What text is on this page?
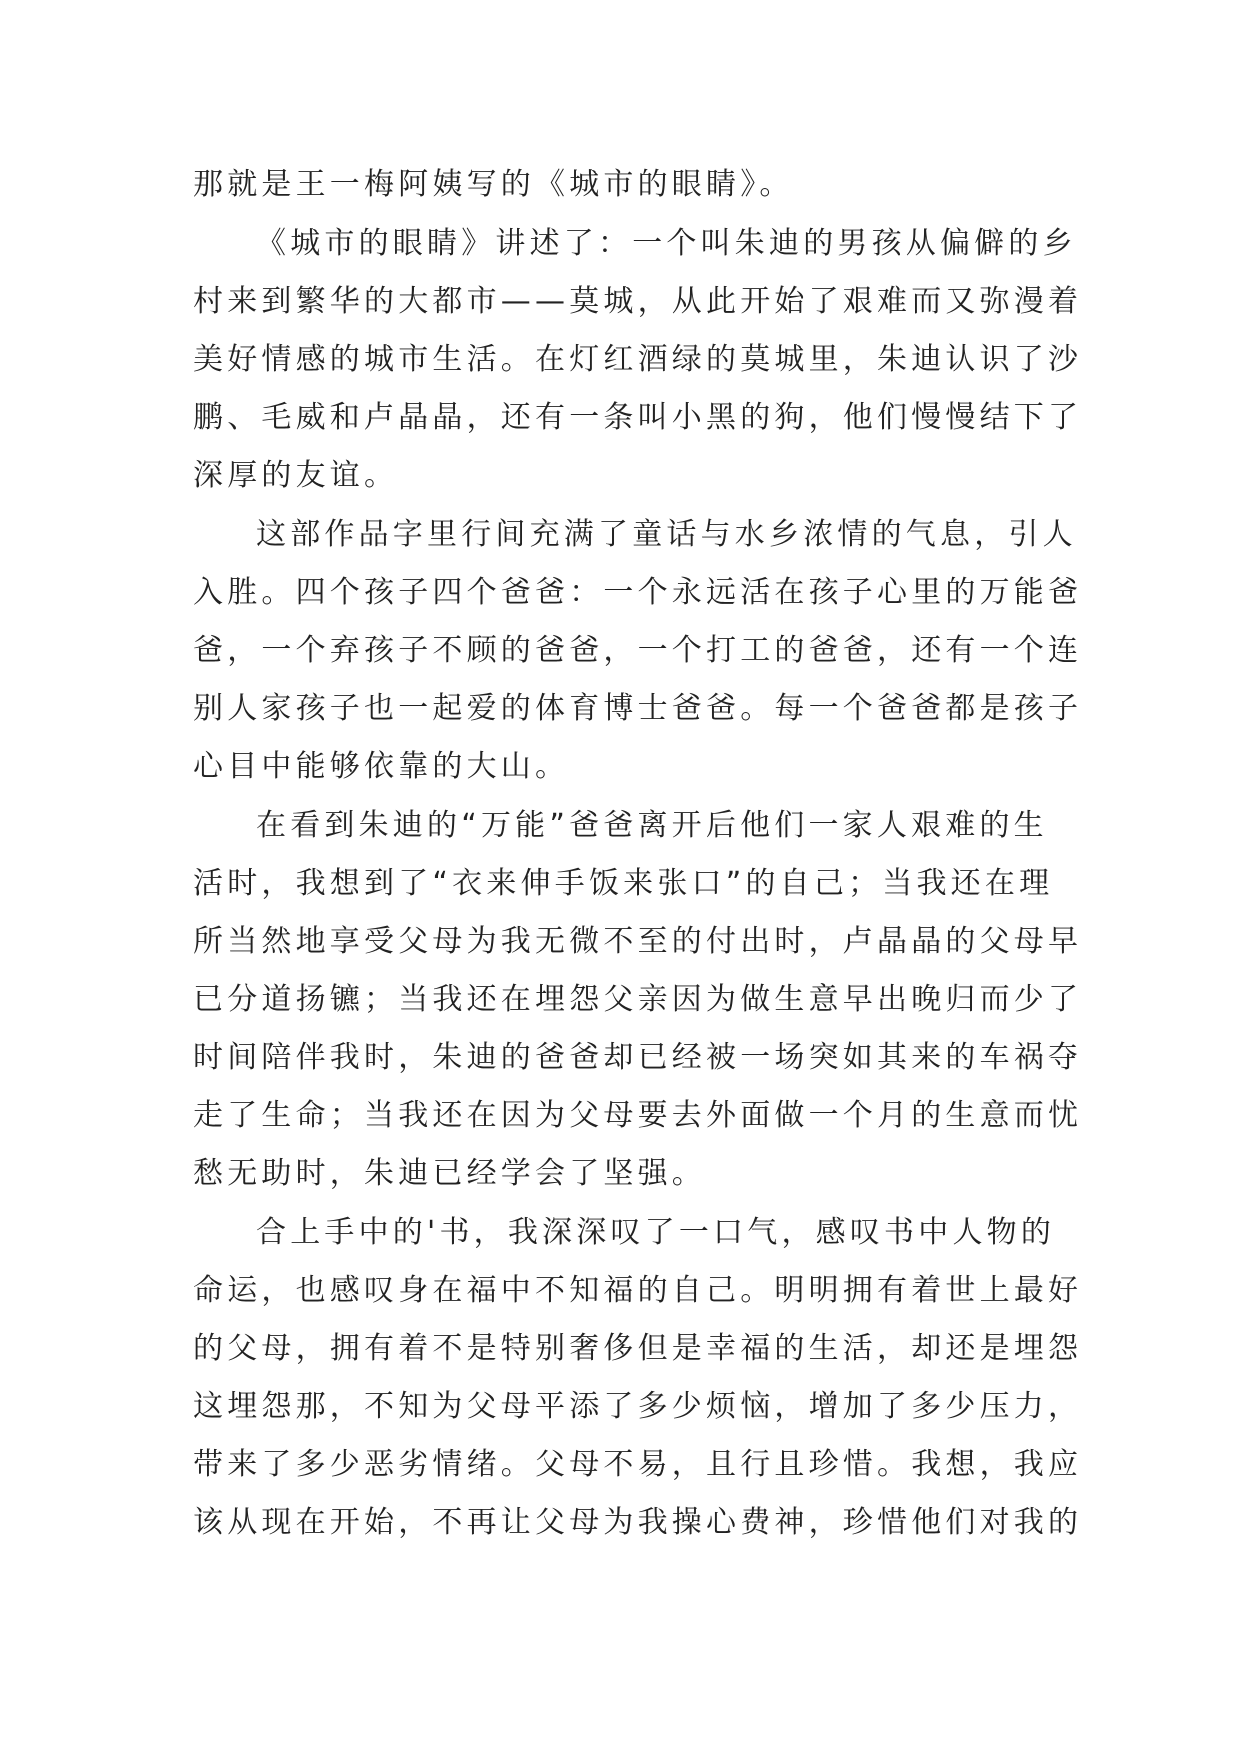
那就是王一梅阿姨写的《城市的眼睛》。
《城市的眼睛》讲述了：一个叫朱迪的男孩从偏僻的乡
村来到繁华的大都市——莫城，从此开始了艰难而又弥漫着
美好情感的城市生活。在灯红酒绿的莫城里，朱迪认识了沙
鹏、毛威和卢晶晶，还有一条叫小黑的狗，他们慢慢结下了
深厚的友谊。
这部作品字里行间充满了童话与水乡浓情的气息，引人
入胜。四个孩子四个爸爸：一个永远活在孩子心里的万能爸
爸，一个弃孩子不顾的爸爸，一个打工的爸爸，还有一个连
别人家孩子也一起爱的体育博士爸爸。每一个爸爸都是孩子
心目中能够依靠的大山。
在看到朱迪的“万能”爸爸离开后他们一家人艰难的生
活时，我想到了“衣来伸手饭来张口”的自己；当我还在理
所当然地享受父母为我无微不至的付出时，卢晶晶的父母早
已分道扬镳；当我还在埋怨父亲因为做生意早出晚归而少了
时间陪伴我时，朱迪的爸爸却已经被一场突如其来的车祸夺
走了生命；当我还在因为父母要去外面做一个月的生意而忧
愁无助时，朱迪已经学会了坚强。
合上手中的'书，我深深叹了一口气，感叹书中人物的
命运，也感叹身在福中不知福的自己。明明拥有着世上最好
的父母，拥有着不是特别奢侈但是幸福的生活，却还是埋怨
这埋怨那，不知为父母平添了多少烦恼，增加了多少压力，
带来了多少恶劣情绪。父母不易，且行且珍惜。我想，我应
该从现在开始，不再让父母为我操心费神，珍惜他们对我的
